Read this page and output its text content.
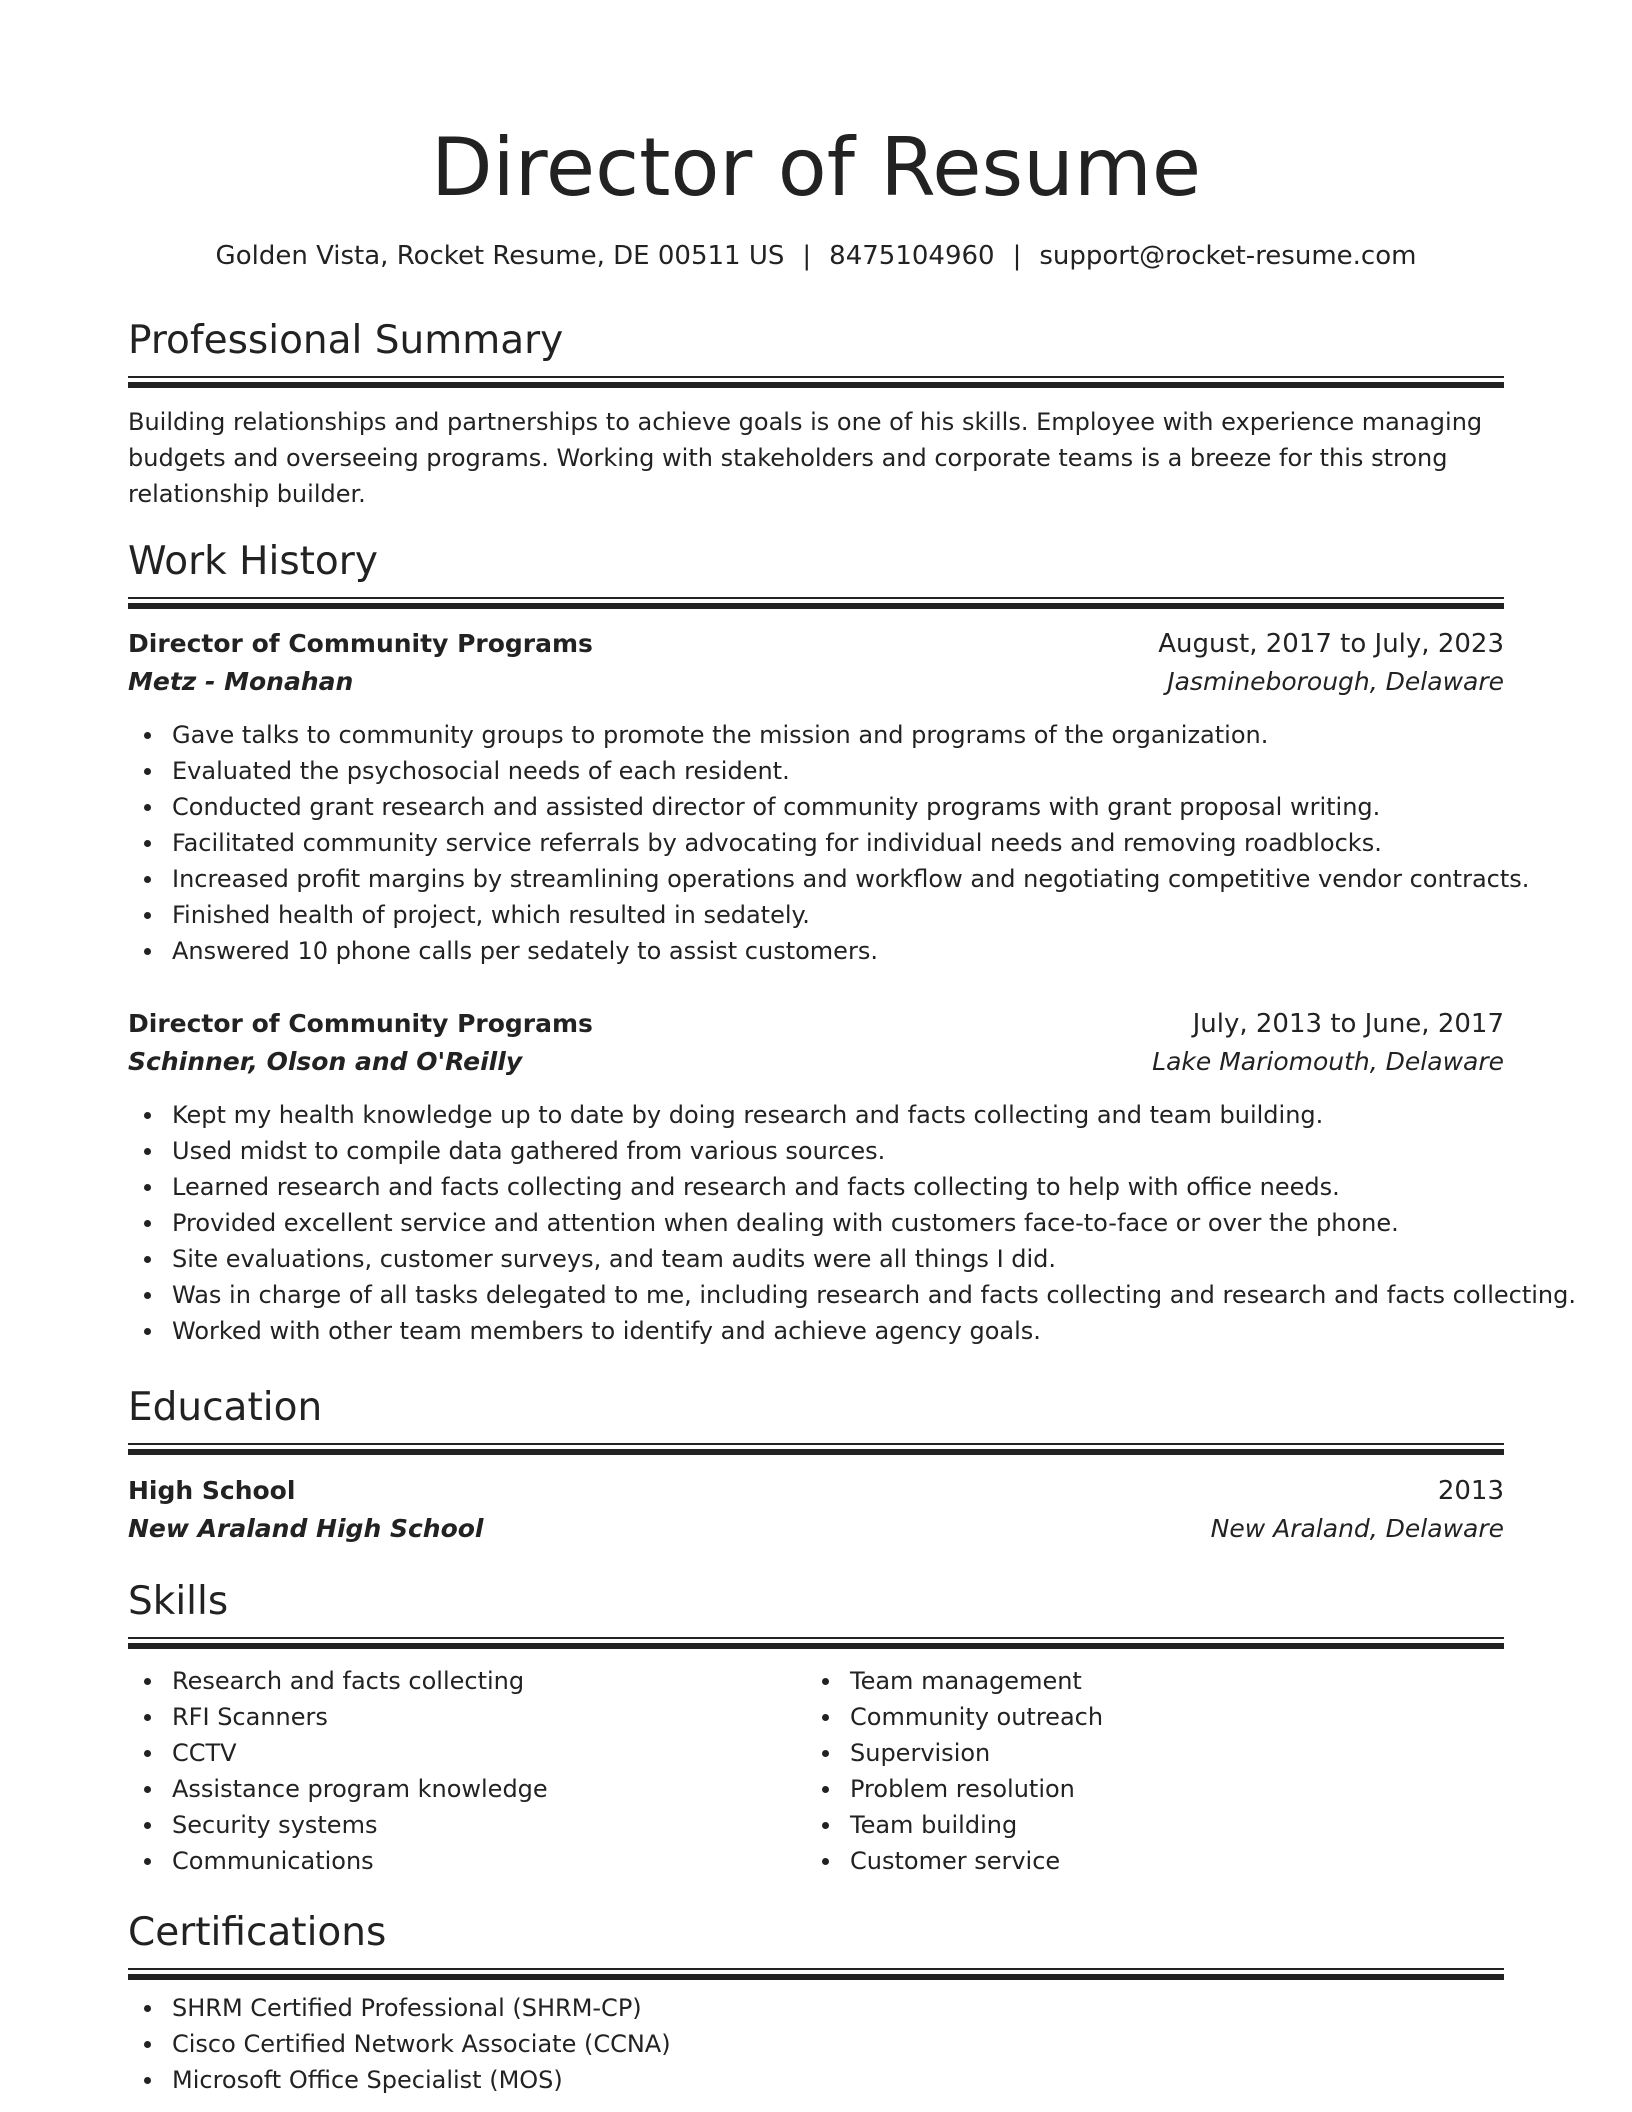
Director of Resume
Golden Vista, Rocket Resume, DE 00511 US | 8475104960 | support@rocket-resume.com
Professional Summary
Building relationships and partnerships to achieve goals is one of his skills. Employee with experience managing budgets and overseeing programs. Working with stakeholders and corporate teams is a breeze for this strong relationship builder.
Work History
Director of Community Programs	August, 2017 to July, 2023
Metz - Monahan	Jasmineborough, Delaware
Gave talks to community groups to promote the mission and programs of the organization.
Evaluated the psychosocial needs of each resident.
Conducted grant research and assisted director of community programs with grant proposal writing.
Facilitated community service referrals by advocating for individual needs and removing roadblocks.
Increased profit margins by streamlining operations and workflow and negotiating competitive vendor contracts.
Finished health of project, which resulted in sedately.
Answered 10 phone calls per sedately to assist customers.
Director of Community Programs	July, 2013 to June, 2017
Schinner, Olson and O'Reilly	Lake Mariomouth, Delaware
Kept my health knowledge up to date by doing research and facts collecting and team building.
Used midst to compile data gathered from various sources.
Learned research and facts collecting and research and facts collecting to help with office needs.
Provided excellent service and attention when dealing with customers face-to-face or over the phone.
Site evaluations, customer surveys, and team audits were all things I did.
Was in charge of all tasks delegated to me, including research and facts collecting and research and facts collecting.
Worked with other team members to identify and achieve agency goals.
Education
High School	2013
New Araland High School	New Araland, Delaware
Skills
Research and facts collecting
RFI Scanners
CCTV
Assistance program knowledge
Security systems
Communications
Team management
Community outreach
Supervision
Problem resolution
Team building
Customer service
Certifications
SHRM Certified Professional (SHRM-CP)
Cisco Certified Network Associate (CCNA)
Microsoft Office Specialist (MOS)
